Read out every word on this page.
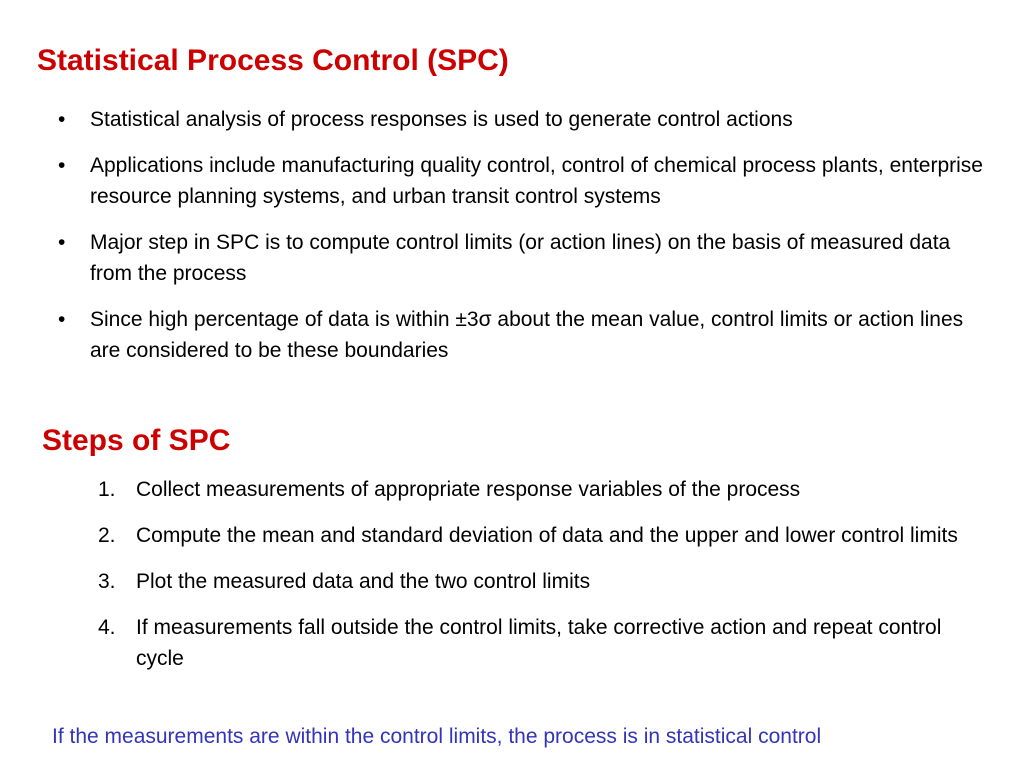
Statistical Process Control (SPC)
• Statistical analysis of process responses is used to generate control actions
• Applications include manufacturing quality control, control of chemical process plants, enterprise resource planning systems, and urban transit control systems
• Major step in SPC is to compute control limits (or action lines) on the basis of measured data from the process
• Since high percentage of data is within ±3σ about the mean value, control limits or action lines are considered to be these boundaries
Steps of SPC
1. Collect measurements of appropriate response variables of the process
2. Compute the mean and standard deviation of data and the upper and lower control limits
3. Plot the measured data and the two control limits
4. If measurements fall outside the control limits, take corrective action and repeat control cycle

If the measurements are within the control limits, the process is in statistical control
